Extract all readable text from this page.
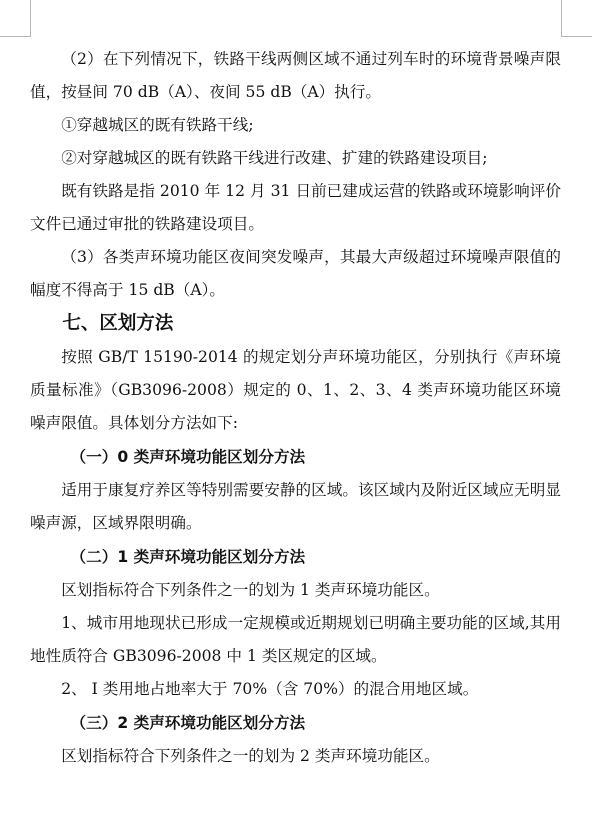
（2）在下列情况下，铁路干线两侧区域不通过列车时的环境背景噪声限值，按昼间 70 dB（A）、夜间 55 dB（A）执行。

①穿越城区的既有铁路干线;

②对穿越城区的既有铁路干线进行改建、扩建的铁路建设项目;

既有铁路是指 2010 年 12 月 31 日前已建成运营的铁路或环境影响评价文件已通过审批的铁路建设项目。

（3）各类声环境功能区夜间突发噪声，其最大声级超过环境噪声限值的幅度不得高于 15 dB（A）。

七、区划方法

按照 GB/T 15190-2014 的规定划分声环境功能区，分别执行《声环境质量标准》（GB3096-2008）规定的 0、1、2、3、4 类声环境功能区环境噪声限值。具体划分方法如下:

（一）0 类声环境功能区划分方法

适用于康复疗养区等特别需要安静的区域。该区域内及附近区域应无明显噪声源，区域界限明确。

（二）1 类声环境功能区划分方法

区划指标符合下列条件之一的划为 1 类声环境功能区。

1、城市用地现状已形成一定规模或近期规划已明确主要功能的区域,其用地性质符合 GB3096-2008 中 1 类区规定的区域。

2、 I 类用地占地率大于 70%（含 70%）的混合用地区域。

（三）2 类声环境功能区划分方法

区划指标符合下列条件之一的划为 2 类声环境功能区。
